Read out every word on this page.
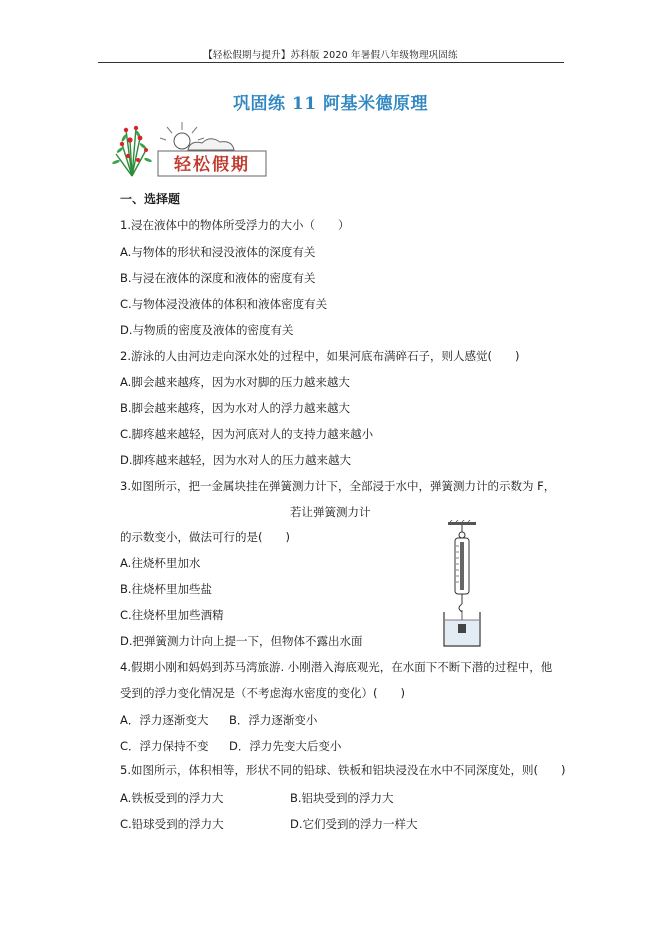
【轻松假期与提升】苏科版 2020 年暑假八年级物理巩固练
巩固练 11 阿基米德原理
轻松假期
一、选择题
1.浸在液体中的物体所受浮力的大小（　　）
A.与物体的形状和浸没液体的深度有关
B.与浸在液体的深度和液体的密度有关
C.与物体浸没液体的体积和液体密度有关
D.与物质的密度及液体的密度有关
2.游泳的人由河边走向深水处的过程中，如果河底布满碎石子，则人感觉(　　)
A.脚会越来越疼，因为水对脚的压力越来越大
B.脚会越来越疼，因为水对人的浮力越来越大
C.脚疼越来越轻，因为河底对人的支持力越来越小
D.脚疼越来越轻，因为水对人的压力越来越大
3.如图所示，把一金属块挂在弹簧测力计下，全部浸于水中，弹簧测力计的示数为 F，
若让弹簧测力计
的示数变小，做法可行的是(　　)
A.往烧杯里加水
B.往烧杯里加些盐
C.往烧杯里加些酒精
D.把弹簧测力计向上提一下，但物体不露出水面
4.假期小刚和妈妈到苏马湾旅游. 小刚潜入海底观光，在水面下不断下潜的过程中，他
受到的浮力变化情况是（不考虑海水密度的变化）(　　)
A．浮力逐渐变大 B．浮力逐渐变小
C．浮力保持不变 D．浮力先变大后变小
5.如图所示，体积相等，形状不同的铅球、铁板和铝块浸没在水中不同深度处，则(　　)
A.铁板受到的浮力大	B.铝块受到的浮力大
C.铅球受到的浮力大	D.它们受到的浮力一样大
